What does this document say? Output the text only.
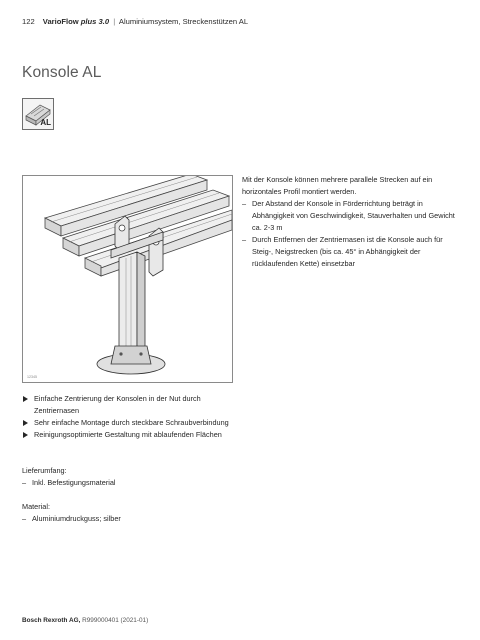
122 VarioFlow plus 3.0 | Aluminiumsystem, Streckenstützen AL
Konsole AL
AL
12345

Mit der Konsole können mehrere parallele Strecken auf ein horizontales Profil montiert werden.

– Der Abstand der Konsole in Förderrichtung beträgt in Abhängigkeit von Geschwindigkeit, Stauverhalten und Gewicht ca. 2-3 m
– Durch Entfernen der Zentriernasen ist die Konsole auch für Steig-, Neigstrecken (bis ca. 45° in Abhängigkeit der rücklaufenden Kette) einsetzbar
Einfache Zentrierung der Konsolen in der Nut durch Zentriernasen
Sehr einfache Montage durch steckbare Schraubverbindung
Reinigungsoptimierte Gestaltung mit ablaufenden Flächen

Lieferumfang:

– Inkl. Befestigungsmaterial

Material:

– Aluminiumdruckguss; silber
Bosch Rexroth AG, R999000401 (2021-01)
